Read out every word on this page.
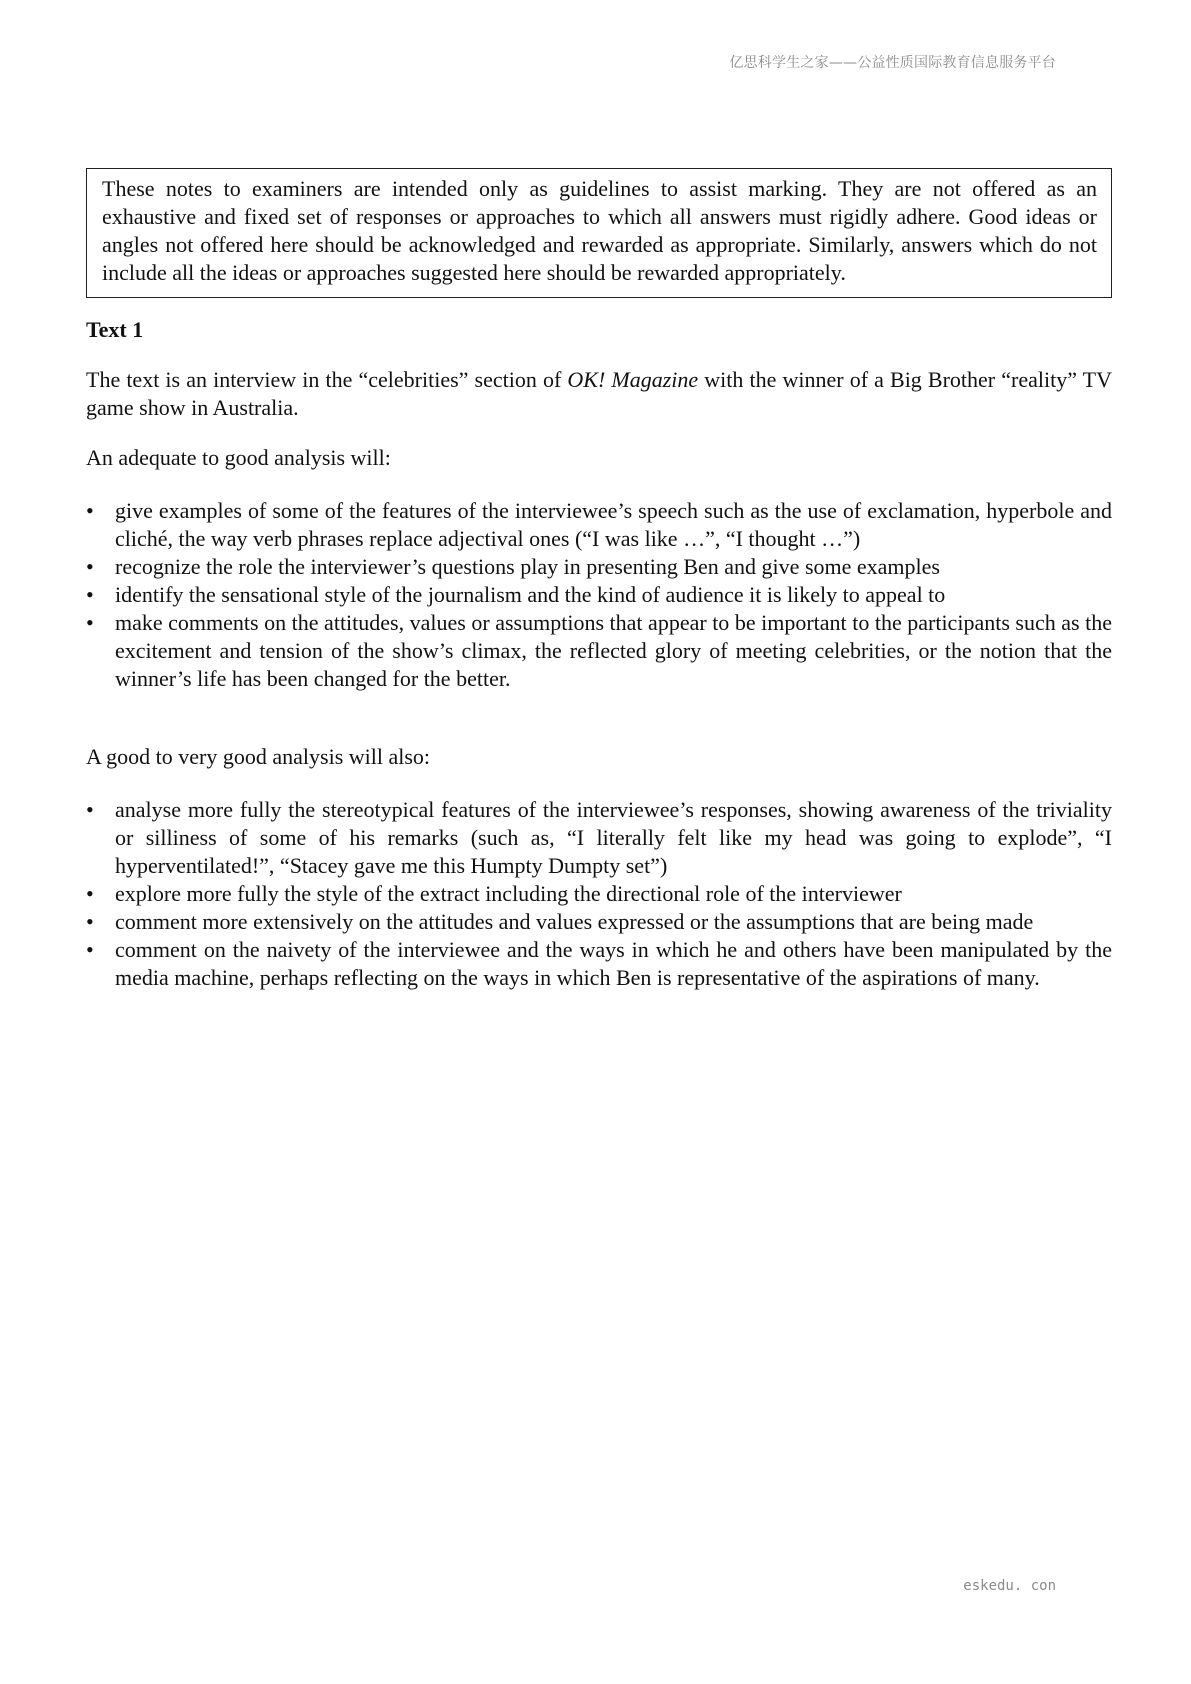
亿思科学生之家——公益性质国际教育信息服务平台

These notes to examiners are intended only as guidelines to assist marking. They are not offered as an exhaustive and fixed set of responses or approaches to which all answers must rigidly adhere. Good ideas or angles not offered here should be acknowledged and rewarded as appropriate. Similarly, answers which do not include all the ideas or approaches suggested here should be rewarded appropriately.

Text 1

The text is an interview in the “celebrities” section of OK! Magazine with the winner of a Big Brother “reality” TV game show in Australia.

An adequate to good analysis will:

• give examples of some of the features of the interviewee’s speech such as the use of exclamation, hyperbole and cliché, the way verb phrases replace adjectival ones (“I was like …”, “I thought …”)
• recognize the role the interviewer’s questions play in presenting Ben and give some examples
• identify the sensational style of the journalism and the kind of audience it is likely to appeal to
• make comments on the attitudes, values or assumptions that appear to be important to the participants such as the excitement and tension of the show’s climax, the reflected glory of meeting celebrities, or the notion that the winner’s life has been changed for the better.

A good to very good analysis will also:

• analyse more fully the stereotypical features of the interviewee’s responses, showing awareness of the triviality or silliness of some of his remarks (such as, “I literally felt like my head was going to explode”, “I hyperventilated!”, “Stacey gave me this Humpty Dumpty set”)
• explore more fully the style of the extract including the directional role of the interviewer
• comment more extensively on the attitudes and values expressed or the assumptions that are being made
• comment on the naivety of the interviewee and the ways in which he and others have been manipulated by the media machine, perhaps reflecting on the ways in which Ben is representative of the aspirations of many.
eskedu. con
